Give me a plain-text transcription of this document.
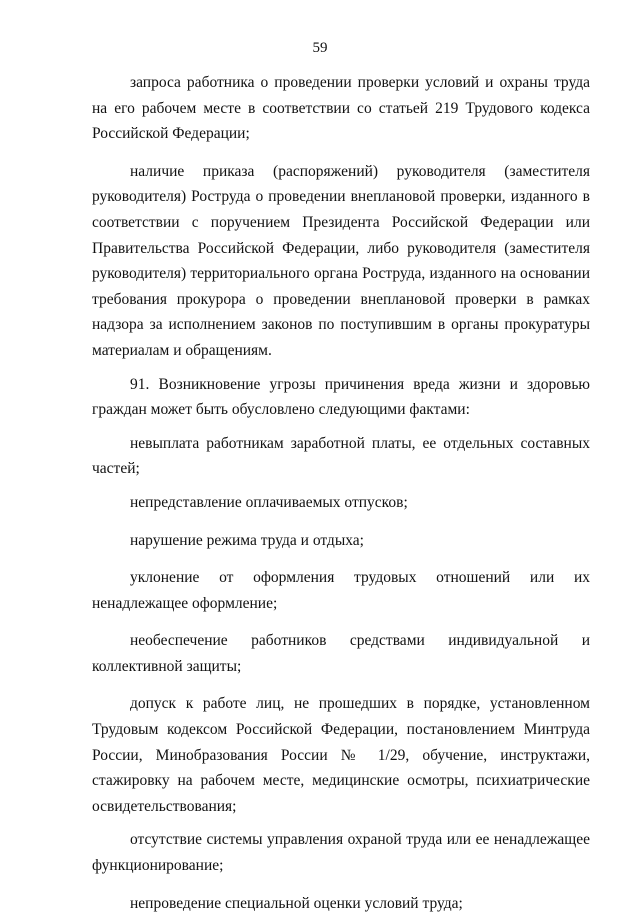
59

запроса работника о проведении проверки условий и охраны труда на его рабочем месте в соответствии со статьей 219 Трудового кодекса Российской Федерации;

наличие приказа (распоряжений) руководителя (заместителя руководителя) Роструда о проведении внеплановой проверки, изданного в соответствии с поручением Президента Российской Федерации или Правительства Российской Федерации, либо руководителя (заместителя руководителя) территориального органа Роструда, изданного на основании требования прокурора о проведении внеплановой проверки в рамках надзора за исполнением законов по поступившим в органы прокуратуры материалам и обращениям.

91. Возникновение угрозы причинения вреда жизни и здоровью граждан может быть обусловлено следующими фактами:

невыплата работникам заработной платы, ее отдельных составных частей;

непредставление оплачиваемых отпусков;

нарушение режима труда и отдыха;

уклонение от оформления трудовых отношений или их ненадлежащее оформление;

необеспечение работников средствами индивидуальной и коллективной защиты;

допуск к работе лиц, не прошедших в порядке, установленном Трудовым кодексом Российской Федерации, постановлением Минтруда России, Минобразования России № 1/29, обучение, инструктажи, стажировку на рабочем месте, медицинские осмотры, психиатрические освидетельствования;

отсутствие системы управления охраной труда или ее ненадлежащее функционирование;

непроведение специальной оценки условий труда;
